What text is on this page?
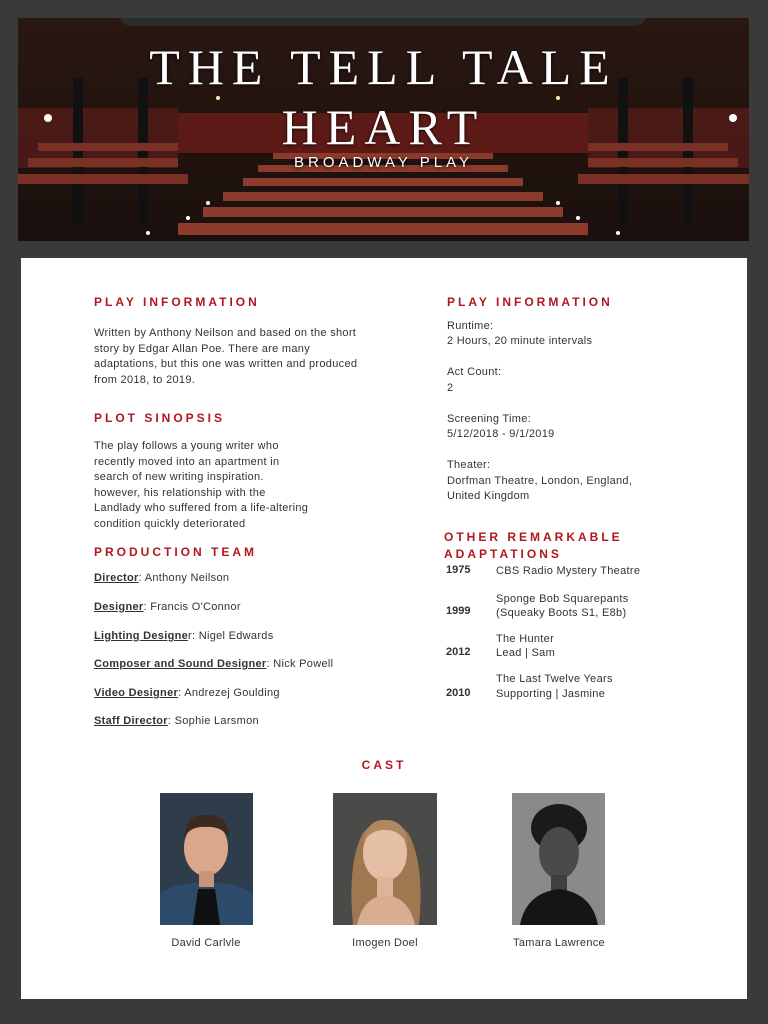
THE TELL TALE
HEART
BROADWAY PLAY
PLAY INFORMATION
Written by Anthony Neilson and based on the short story by Edgar Allan Poe. There are many adaptations, but this one was written and produced from 2018, to 2019.
PLOT SINOPSIS
The play follows a young writer who
recently moved into an apartment in
search of new writing inspiration.
however, his relationship with the
Landlady who suffered from a life-altering
condition quickly deteriorated
PRODUCTION TEAM
Director: Anthony Neilson
Designer: Francis O'Connor
Lighting Designer: Nigel Edwards
Composer and Sound Designer: Nick Powell
Video Designer: Andrezej Goulding
Staff Director: Sophie Larsmon
PLAY INFORMATION
Runtime:
2 Hours, 20 minute intervals
Act Count:
2
Screening Time:
5/12/2018 - 9/1/2019
Theater:
Dorfman Theatre, London, England,
United Kingdom
OTHER REMARKABLE
ADAPTATIONS
1975 CBS Radio Mystery Theatre
Sponge Bob Squarepants
1999 (Squeaky Boots S1, E8b)
The Hunter
2012 Lead | Sam
The Last Twelve Years
2010 Supporting | Jasmine
CAST
David Carlvle	Imogen Doel	Tamara Lawrence
